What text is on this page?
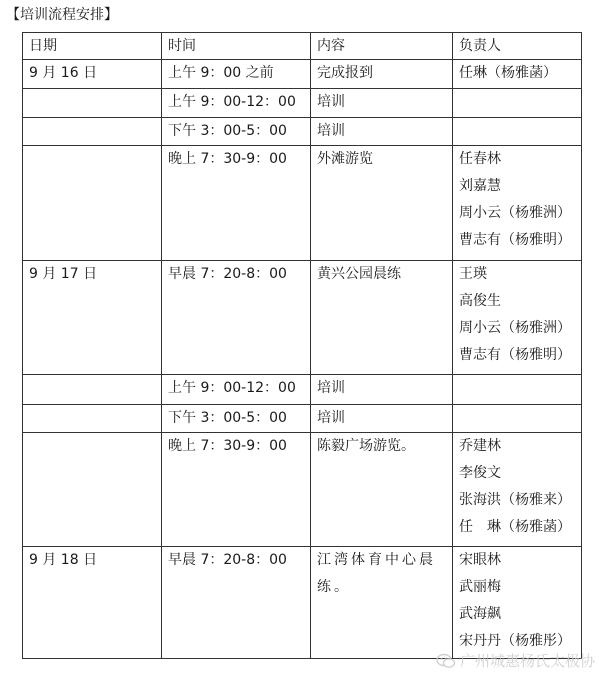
【培训流程安排】
日期	时间	内容	负责人

9 月 16 日	上午 9：00 之前	完成报到	任琳（杨雅菡）

	上午 9：00-12：00	培训	

	下午 3：00-5：00	培训	

	晚上 7：30-9：00	外滩游览	任春林
刘嘉慧
周小云（杨雅洲）
曹志有（杨雅明）

9 月 17 日	早晨 7：20-8：00	黄兴公园晨练	王瑛
高俊生
周小云（杨雅洲）
曹志有（杨雅明）

	上午 9：00-12：00	培训	

	下午 3：00-5：00	培训	

	晚上 7：30-9：00	陈毅广场游览。	乔建林
李俊文
张海洪（杨雅来）
任　琳（杨雅菡）

9 月 18 日	早晨 7：20-8：00	江湾体育中心晨练。	宋眼林
武丽梅
武海飙
宋丹丹（杨雅彤）
广州城惠杨氏太极协
